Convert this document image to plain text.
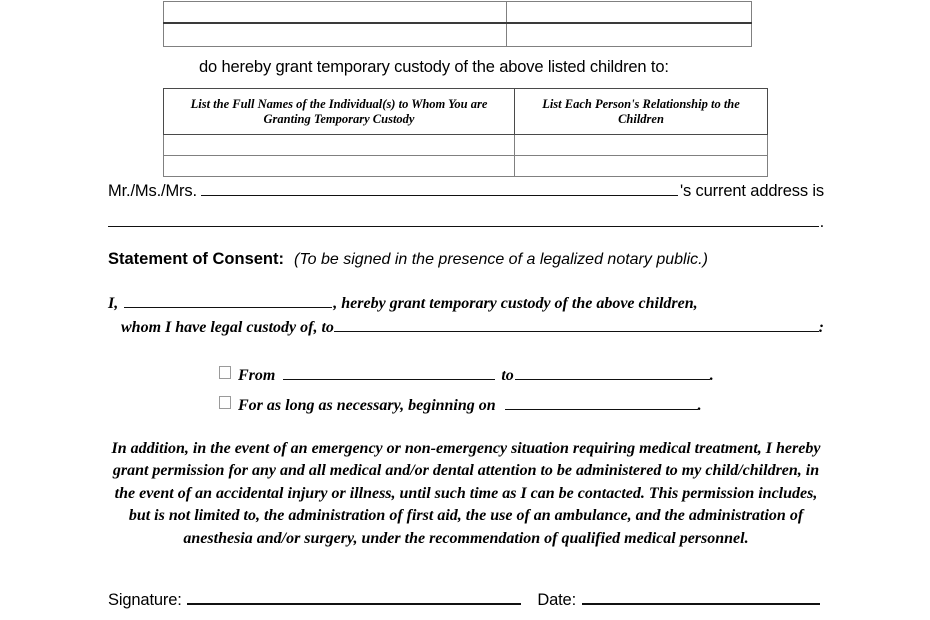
do hereby grant temporary custody of the above listed children to:
List the Full Names of the Individual(s) to Whom You are Granting Temporary Custody	List Each Person's Relationship to the Children

Mr./Ms./Mrs.	's current address is
.
Statement of Consent: (To be signed in the presence of a legalized notary public.)
I,	, hereby grant temporary custody of the above children,
whom I have legal custody of, to	:
From	to	.
For as long as necessary, beginning on	.
In addition, in the event of an emergency or non-emergency situation requiring medical treatment, I hereby grant permission for any and all medical and/or dental attention to be administered to my child/children, in the event of an accidental injury or illness, until such time as I can be contacted. This permission includes, but is not limited to, the administration of first aid, the use of an ambulance, and the administration of anesthesia and/or surgery, under the recommendation of qualified medical personnel.
Signature:	Date:
